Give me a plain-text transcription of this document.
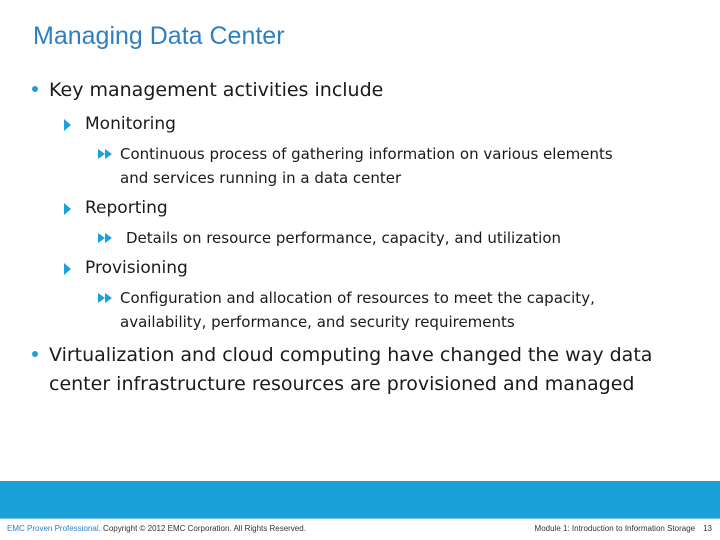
Managing Data Center
Key management activities include
Monitoring
Continuous process of gathering information on various elements
and services running in a data center
Reporting
Details on resource performance, capacity, and utilization
Provisioning
Configuration and allocation of resources to meet the capacity,
availability, performance, and security requirements
Virtualization and cloud computing have changed the way data
center infrastructure resources are provisioned and managed
EMC Proven Professional. Copyright © 2012 EMC Corporation. All Rights Reserved.	Module 1: Introduction to Information Storage 13
